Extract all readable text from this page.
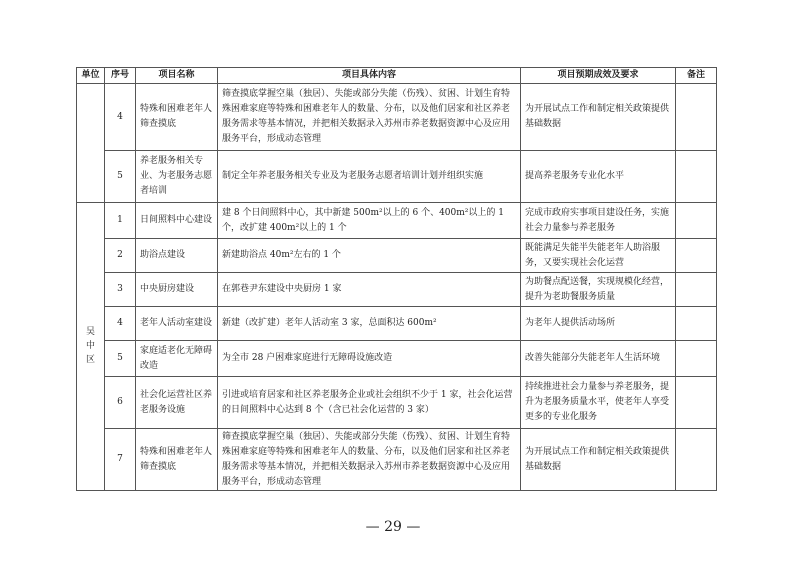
单位	序号	项目名称	项目具体内容	项目预期成效及要求	备注
	4	特殊和困难老年人筛查摸底	筛查摸底掌握空巢（独居）、失能或部分失能（伤残）、贫困、计划生育特殊困难家庭等特殊和困难老年人的数量、分布，以及他们居家和社区养老服务需求等基本情况，并把相关数据录入苏州市养老数据资源中心及应用服务平台，形成动态管理	为开展试点工作和制定相关政策提供基础数据	
	5	养老服务相关专业、为老服务志愿者培训	制定全年养老服务相关专业及为老服务志愿者培训计划并组织实施	提高养老服务专业化水平	
吴中区	1	日间照料中心建设	建 8 个日间照料中心，其中新建 500m²以上的 6 个、400m²以上的 1 个，改扩建 400m²以上的 1 个	完成市政府实事项目建设任务，实施社会力量参与养老服务	
	2	助浴点建设	新建助浴点 40m²左右的 1 个	既能满足失能半失能老年人助浴服务，又要实现社会化运营	
	3	中央厨房建设	在郭巷尹东建设中央厨房 1 家	为助餐点配送餐，实现规模化经营，提升为老助餐服务质量	
	4	老年人活动室建设	新建（改扩建）老年人活动室 3 家，总面积达 600m²	为老年人提供活动场所	
	5	家庭适老化无障碍改造	为全市 28 户困难家庭进行无障碍设施改造	改善失能部分失能老年人生活环境	
	6	社会化运营社区养老服务设施	引进或培育居家和社区养老服务企业或社会组织不少于 1 家，社会化运营的日间照料中心达到 8 个（含已社会化运营的 3 家）	持续推进社会力量参与养老服务，提升为老服务质量水平，使老年人享受更多的专业化服务	
	7	特殊和困难老年人筛查摸底	筛查摸底掌握空巢（独居）、失能或部分失能（伤残）、贫困、计划生育特殊困难家庭等特殊和困难老年人的数量、分布，以及他们居家和社区养老服务需求等基本情况，并把相关数据录入苏州市养老数据资源中心及应用服务平台，形成动态管理	为开展试点工作和制定相关政策提供基础数据	
— 29 —
